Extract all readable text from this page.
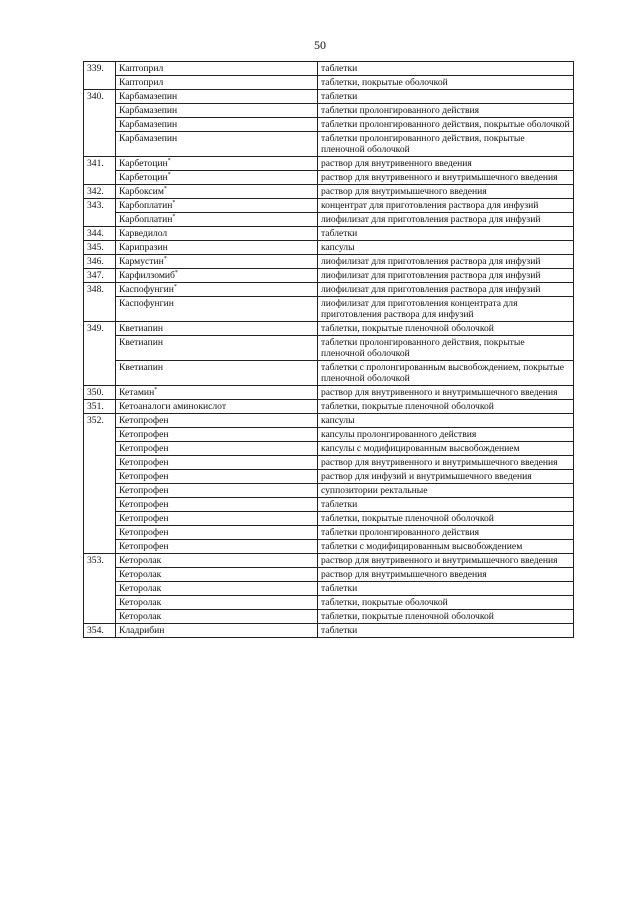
50
339.	Каптоприл	таблетки
	Каптоприл	таблетки, покрытые оболочкой
340.	Карбамазепин	таблетки
	Карбамазепин	таблетки пролонгированного действия
	Карбамазепин	таблетки пролонгированного действия, покрытые оболочкой
	Карбамазепин	таблетки пролонгированного действия, покрытые пленочной оболочкой
341.	Карбетоцин*	раствор для внутривенного введения
	Карбетоцин*	раствор для внутривенного и внутримышечного введения
342.	Карбоксим*	раствор для внутримышечного введения
343.	Карбоплатин*	концентрат для приготовления раствора для инфузий
	Карбоплатин*	лиофилизат для приготовления раствора для инфузий
344.	Карведилол	таблетки
345.	Карипразин	капсулы
346.	Кармустин*	лиофилизат для приготовления раствора для инфузий
347.	Карфилзомиб*	лиофилизат для приготовления раствора для инфузий
348.	Каспофунгин*	лиофилизат для приготовления раствора для инфузий
	Каспофунгин	лиофилизат для приготовления концентрата для приготовления раствора для инфузий
349.	Кветиапин	таблетки, покрытые пленочной оболочкой
	Кветиапин	таблетки пролонгированного действия, покрытые пленочной оболочкой
	Кветиапин	таблетки с пролонгированным высвобождением, покрытые пленочной оболочкой
350.	Кетамин*	раствор для внутривенного и внутримышечного введения
351.	Кетоаналоги аминокислот	таблетки, покрытые пленочной оболочкой
352.	Кетопрофен	капсулы
	Кетопрофен	капсулы пролонгированного действия
	Кетопрофен	капсулы с модифицированным высвобождением
	Кетопрофен	раствор для внутривенного и внутримышечного введения
	Кетопрофен	раствор для инфузий и внутримышечного введения
	Кетопрофен	суппозитории ректальные
	Кетопрофен	таблетки
	Кетопрофен	таблетки, покрытые пленочной оболочкой
	Кетопрофен	таблетки пролонгированного действия
	Кетопрофен	таблетки с модифицированным высвобождением
353.	Кеторолак	раствор для внутривенного и внутримышечного введения
	Кеторолак	раствор для внутримышечного введения
	Кеторолак	таблетки
	Кеторолак	таблетки, покрытые оболочкой
	Кеторолак	таблетки, покрытые пленочной оболочкой
354.	Кладрибин	таблетки
